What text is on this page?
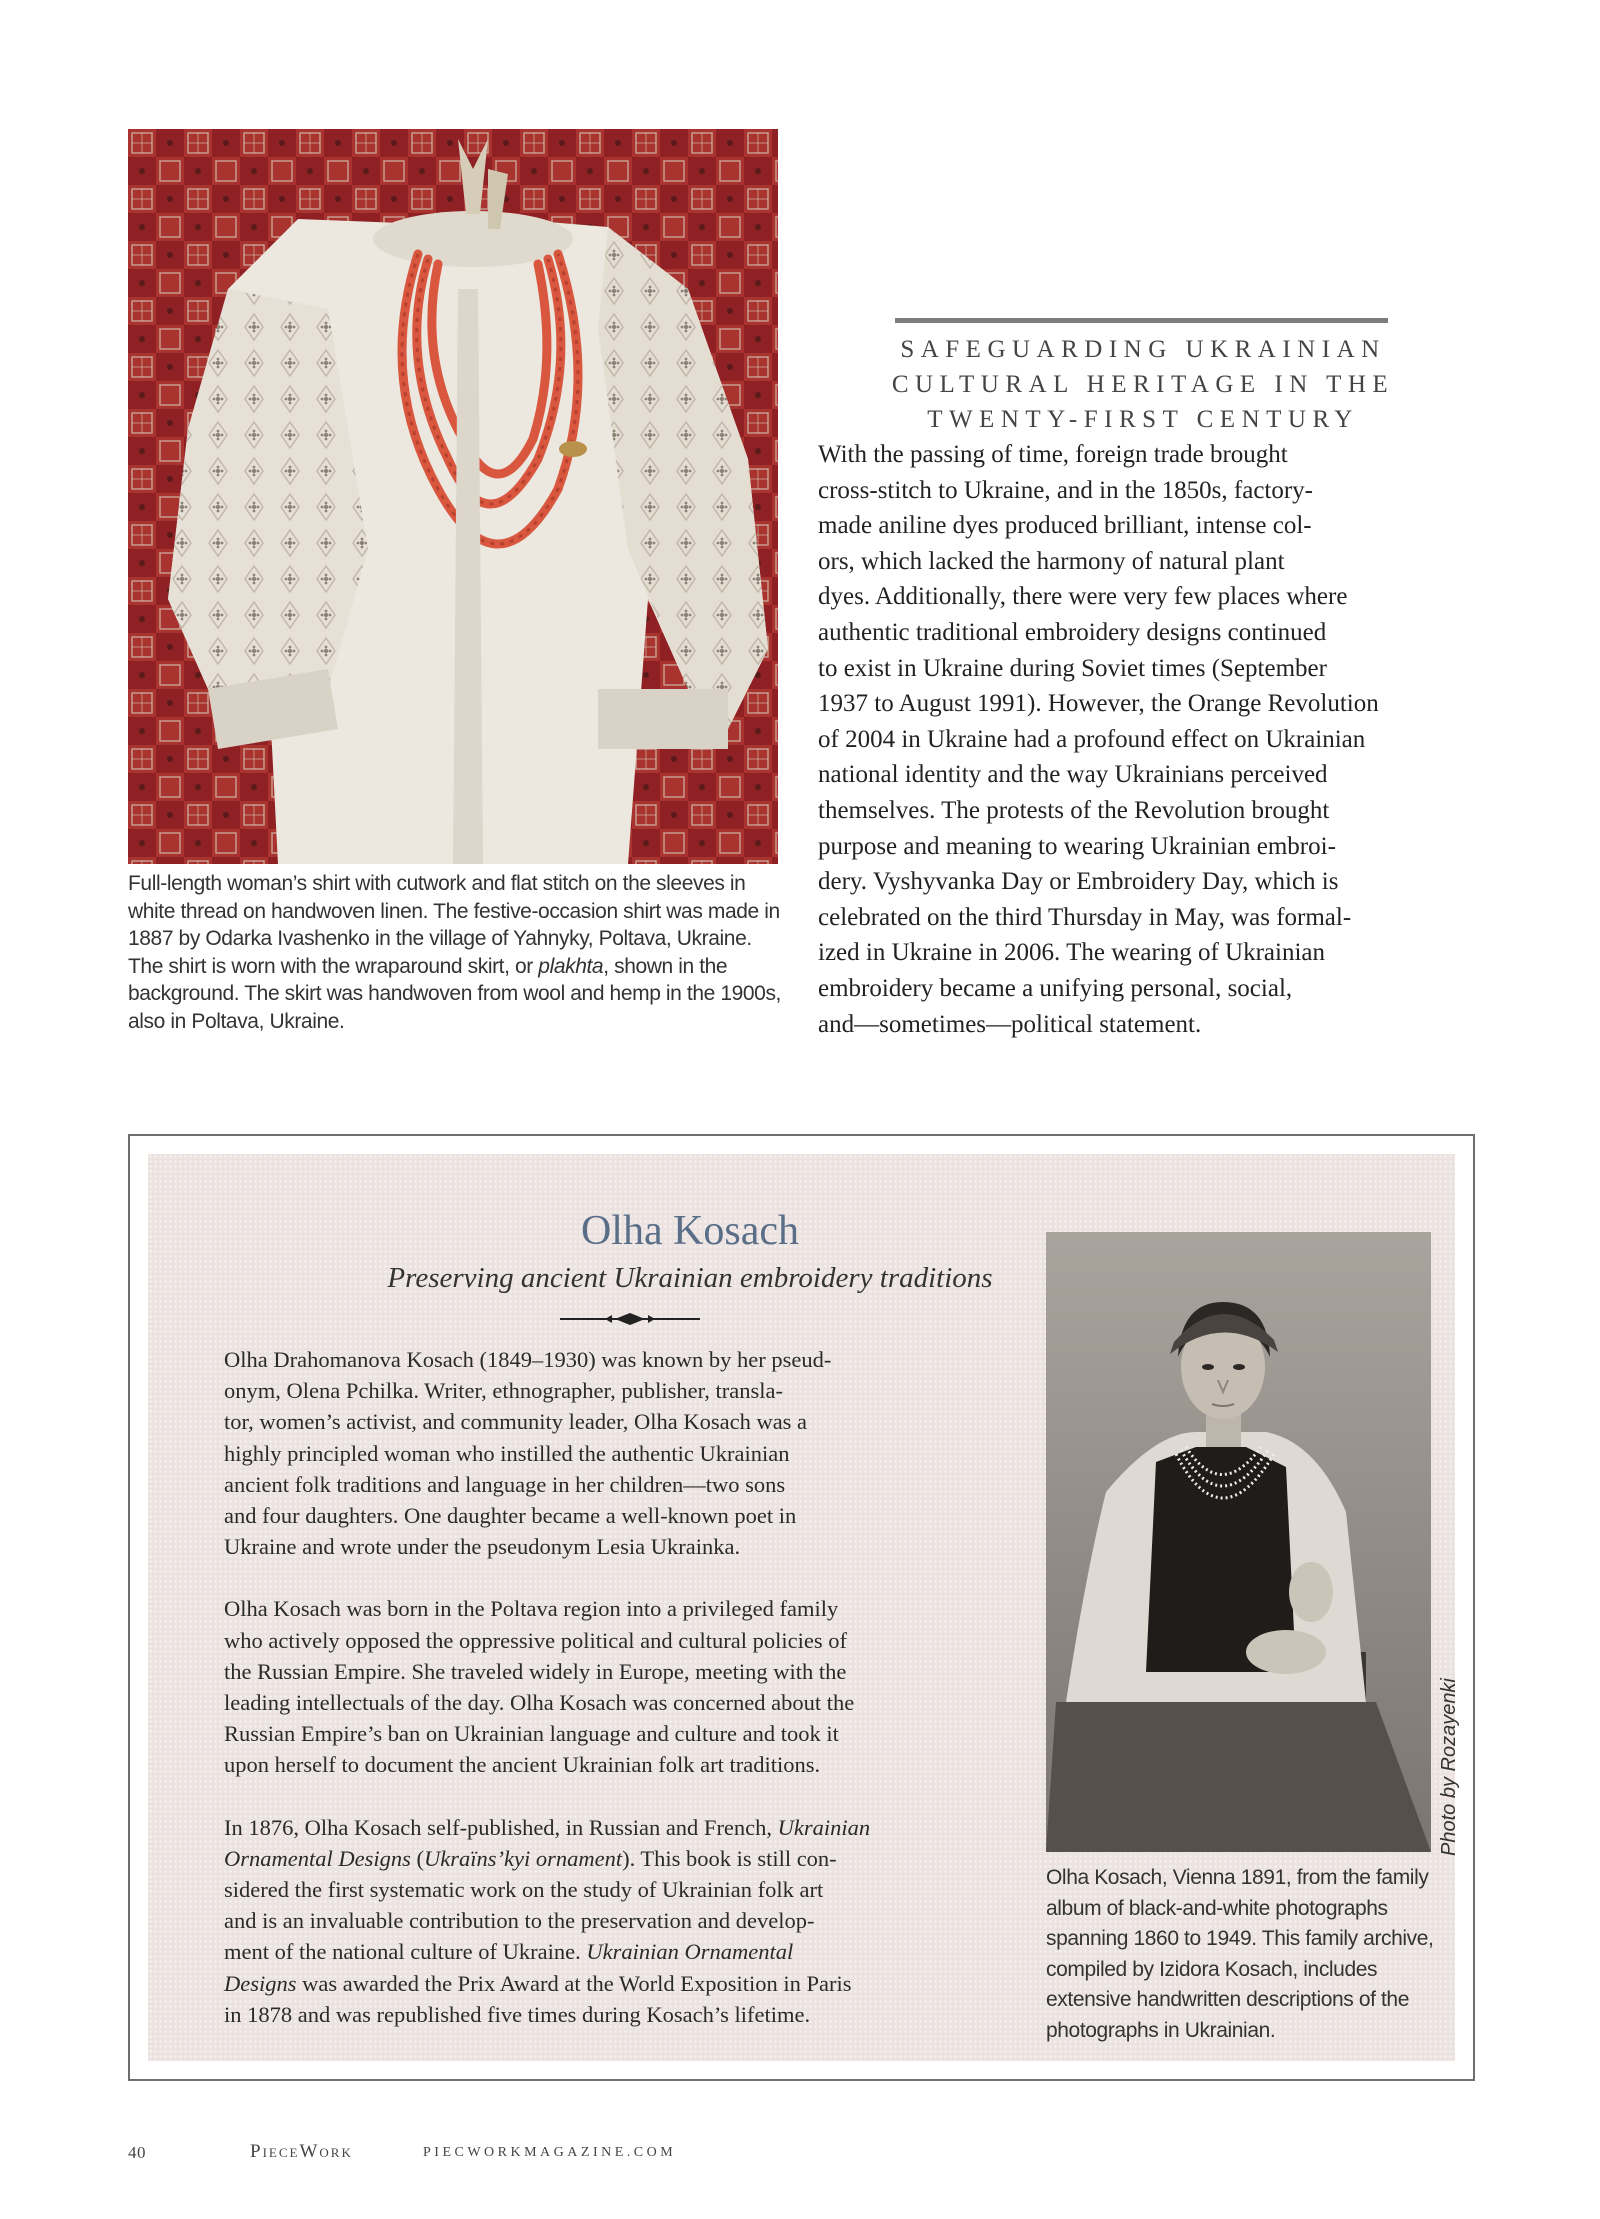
Full-length woman’s shirt with cutwork and flat stitch on the sleeves in white thread on handwoven linen. The festive-occasion shirt was made in 1887 by Odarka Ivashenko in the village of Yahnyky, Poltava, Ukraine. The shirt is worn with the wraparound skirt, or plakhta, shown in the background. The skirt was handwoven from wool and hemp in the 1900s, also in Poltava, Ukraine.

SAFEGUARDING UKRAINIAN
CULTURAL HERITAGE IN THE
TWENTY-FIRST CENTURY

With the passing of time, foreign trade brought

cross-stitch to Ukraine, and in the 1850s, factory-

made aniline dyes produced brilliant, intense col-

ors, which lacked the harmony of natural plant

dyes. Additionally, there were very few places where

authentic traditional embroidery designs continued

to exist in Ukraine during Soviet times (September

1937 to August 1991). However, the Orange Revolution

of 2004 in Ukraine had a profound effect on Ukrainian

national identity and the way Ukrainians perceived

themselves. The protests of the Revolution brought

purpose and meaning to wearing Ukrainian embroi-

dery. Vyshyvanka Day or Embroidery Day, which is

celebrated on the third Thursday in May, was formal-

ized in Ukraine in 2006. The wearing of Ukrainian

embroidery became a unifying personal, social,

and—sometimes—political statement.

Olha Kosach
Preserving ancient Ukrainian embroidery traditions

Olha Drahomanova Kosach (1849–1930) was known by her pseud-
onym, Olena Pchilka. Writer, ethnographer, publisher, transla-
tor, women’s activist, and community leader, Olha Kosach was a
highly principled woman who instilled the authentic Ukrainian
ancient folk traditions and language in her children—two sons
and four daughters. One daughter became a well-known poet in
Ukraine and wrote under the pseudonym Lesia Ukrainka.

Olha Kosach was born in the Poltava region into a privileged family
who actively opposed the oppressive political and cultural policies of
the Russian Empire. She traveled widely in Europe, meeting with the
leading intellectuals of the day. Olha Kosach was concerned about the
Russian Empire’s ban on Ukrainian language and culture and took it
upon herself to document the ancient Ukrainian folk art traditions.

In 1876, Olha Kosach self-published, in Russian and French, Ukrainian
Ornamental Designs (Ukraïns’kyi ornament). This book is still con-
sidered the first systematic work on the study of Ukrainian folk art
and is an invaluable contribution to the preservation and develop-
ment of the national culture of Ukraine. Ukrainian Ornamental
Designs was awarded the Prix Award at the World Exposition in Paris
in 1878 and was republished five times during Kosach’s lifetime.

Photo by Rozayenki

Olha Kosach, Vienna 1891, from the family

album of black-and-white photographs

spanning 1860 to 1949. This family archive,

compiled by Izidora Kosach, includes

extensive handwritten descriptions of the

photographs in Ukrainian.

40	PieceWork	PIECWORKMAGAZINE.COM
